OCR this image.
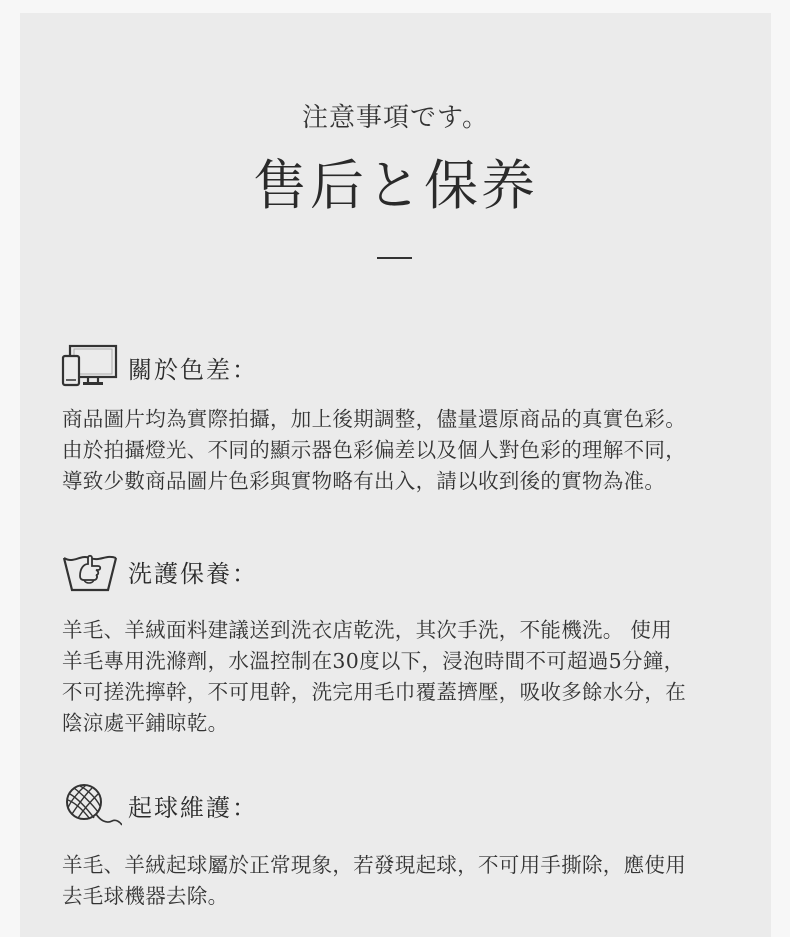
注意事項です。
售后と保养
關於色差：
商品圖片均為實際拍攝，加上後期調整，儘量還原商品的真實色彩。
由於拍攝燈光、不同的顯示器色彩偏差以及個人對色彩的理解不同，
導致少數商品圖片色彩與實物略有出入，請以收到後的實物為准。
洗護保養：
羊毛、羊絨面料建議送到洗衣店乾洗，其次手洗，不能機洗。 使用
羊毛專用洗滌劑，水溫控制在30度以下，浸泡時間不可超過5分鐘，
不可搓洗擰幹，不可甩幹，洗完用毛巾覆蓋擠壓，吸收多餘水分，在
陰涼處平鋪晾乾。
起球維護：
羊毛、羊絨起球屬於正常現象，若發現起球，不可用手撕除，應使用
去毛球機器去除。
